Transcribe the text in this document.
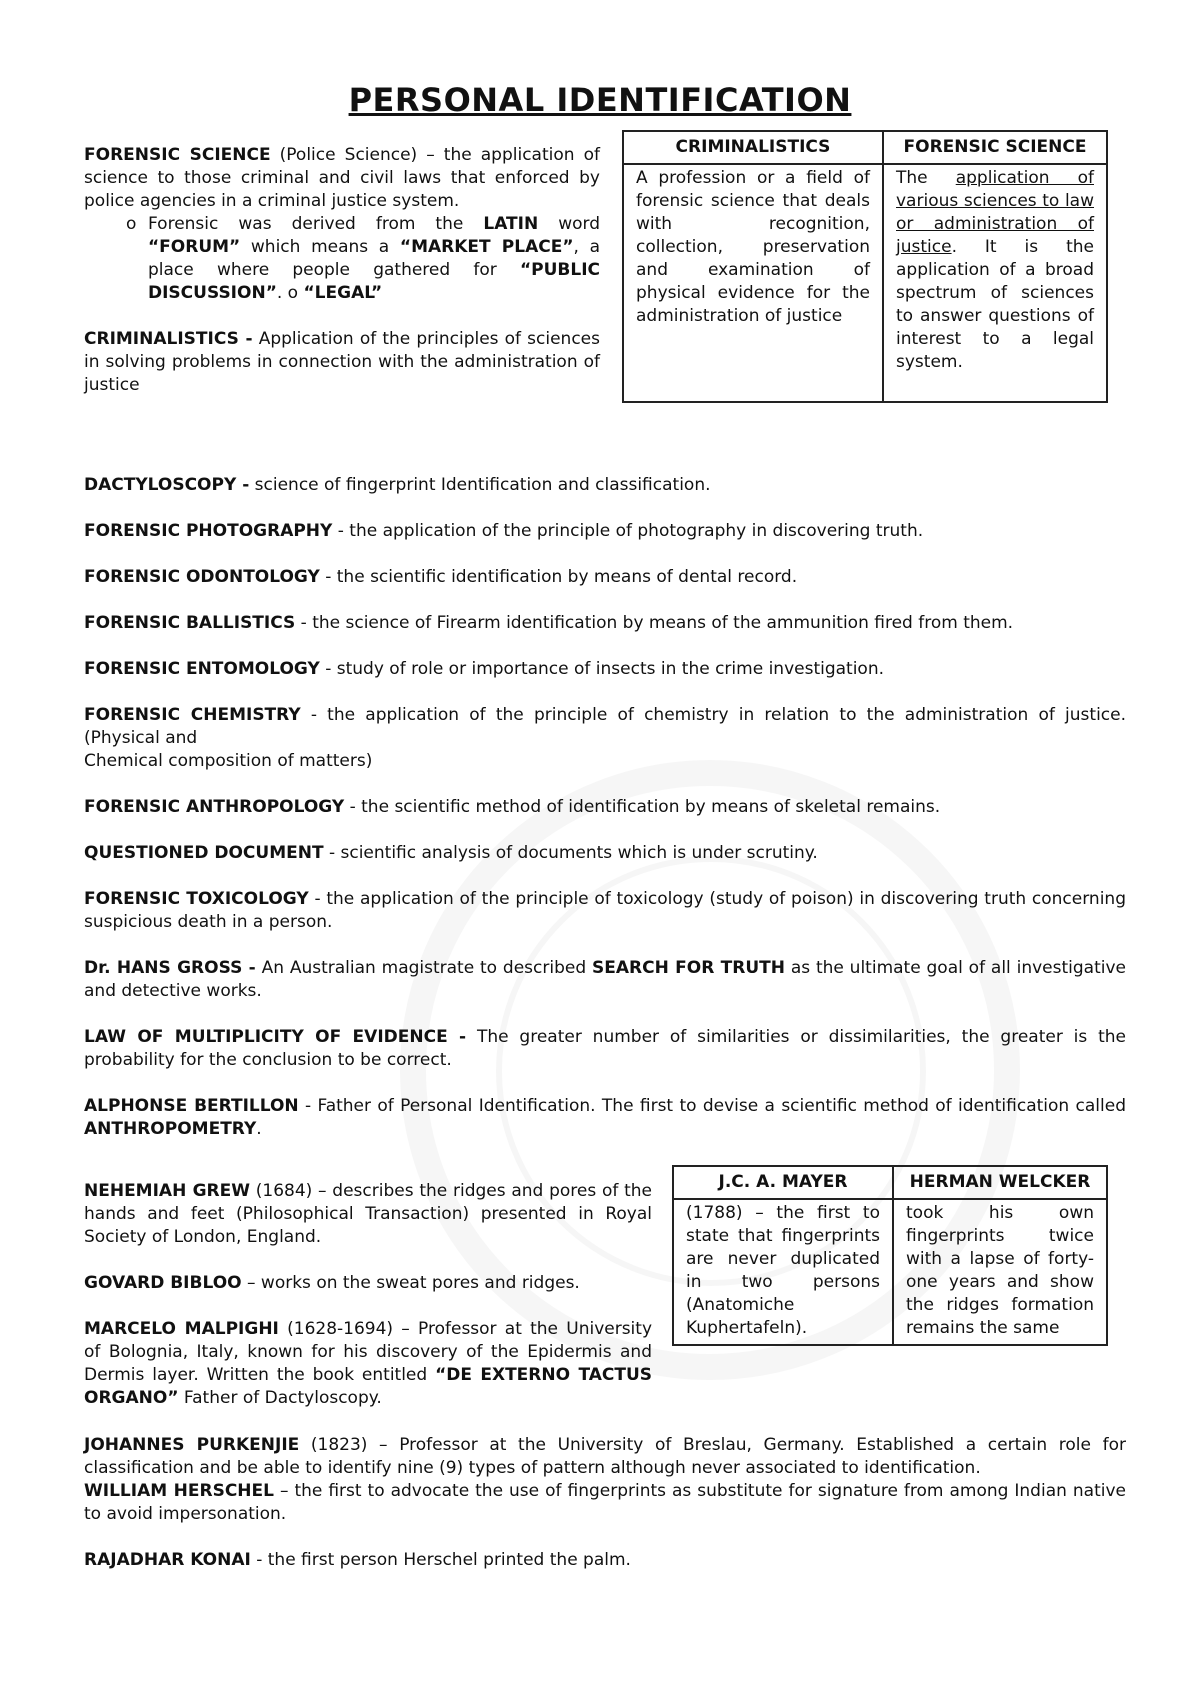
PERSONAL IDENTIFICATION

FORENSIC SCIENCE (Police Science) – the application of science to those criminal and civil laws that enforced by police agencies in a criminal justice system.

o Forensic was derived from the LATIN word “FORUM” which means a “MARKET PLACE”, a place where people gathered for “PUBLIC DISCUSSION”. o “LEGAL”

CRIMINALISTICS - Application of the principles of sciences in solving problems in connection with the administration of justice

CRIMINALISTICS	FORENSIC SCIENCE
A profession or a field of forensic science that deals with recognition, collection, preservation and examination of physical evidence for the administration of justice	The application of various sciences to law or administration of justice. It is the application of a broad spectrum of sciences to answer questions of interest to a legal system.

DACTYLOSCOPY - science of fingerprint Identification and classification.

FORENSIC PHOTOGRAPHY - the application of the principle of photography in discovering truth.

FORENSIC ODONTOLOGY - the scientific identification by means of dental record.

FORENSIC BALLISTICS - the science of Firearm identification by means of the ammunition fired from them.

FORENSIC ENTOMOLOGY - study of role or importance of insects in the crime investigation.

FORENSIC CHEMISTRY - the application of the principle of chemistry in relation to the administration of justice. (Physical and

Chemical composition of matters)

FORENSIC ANTHROPOLOGY - the scientific method of identification by means of skeletal remains.

QUESTIONED DOCUMENT - scientific analysis of documents which is under scrutiny.

FORENSIC TOXICOLOGY - the application of the principle of toxicology (study of poison) in discovering truth concerning suspicious death in a person.

Dr. HANS GROSS - An Australian magistrate to described SEARCH FOR TRUTH as the ultimate goal of all investigative and detective works.

LAW OF MULTIPLICITY OF EVIDENCE - The greater number of similarities or dissimilarities, the greater is the probability for the conclusion to be correct.

ALPHONSE BERTILLON - Father of Personal Identification. The first to devise a scientific method of identification called ANTHROPOMETRY.

NEHEMIAH GREW (1684) – describes the ridges and pores of the hands and feet (Philosophical Transaction) presented in Royal Society of London, England.

GOVARD BIBLOO – works on the sweat pores and ridges.

MARCELO MALPIGHI (1628-1694) – Professor at the University of Bolognia, Italy, known for his discovery of the Epidermis and Dermis layer. Written the book entitled “DE EXTERNO TACTUS ORGANO” Father of Dactyloscopy.

J.C. A. MAYER	HERMAN WELCKER
(1788) – the first to state that fingerprints are never duplicated in two persons (Anatomiche Kuphertafeln).	took his own fingerprints twice with a lapse of forty-one years and show the ridges formation remains the same

JOHANNES PURKENJIE (1823) – Professor at the University of Breslau, Germany. Established a certain role for classification and be able to identify nine (9) types of pattern although never associated to identification.

WILLIAM HERSCHEL – the first to advocate the use of fingerprints as substitute for signature from among Indian native to avoid impersonation.

RAJADHAR KONAI - the first person Herschel printed the palm.
